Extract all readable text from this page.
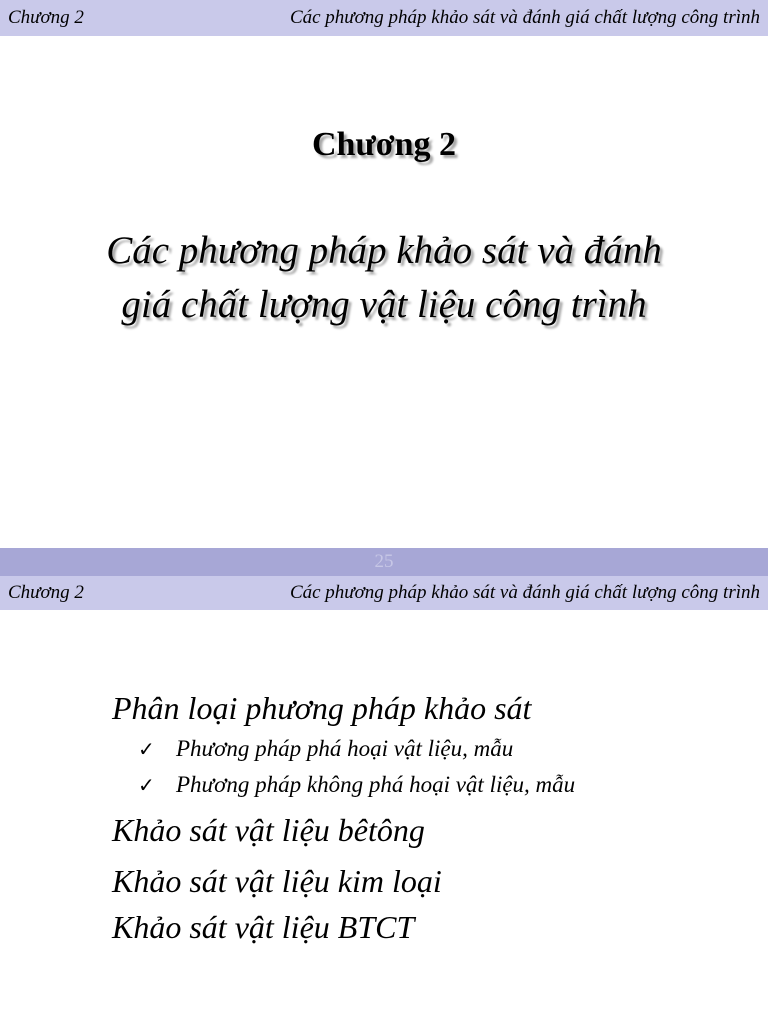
Chương 2	Các phương pháp khảo sát và đánh giá chất lượng công trình
Chương 2
Các phương pháp khảo sát và đánh
giá chất lượng vật liệu công trình
25
Chương 2	Các phương pháp khảo sát và đánh giá chất lượng công trình
Phân loại phương pháp khảo sát
✓ Phương pháp phá hoại vật liệu, mẫu
✓ Phương pháp không phá hoại vật liệu, mẫu
Khảo sát vật liệu bêtông
Khảo sát vật liệu kim loại
Khảo sát vật liệu BTCT
